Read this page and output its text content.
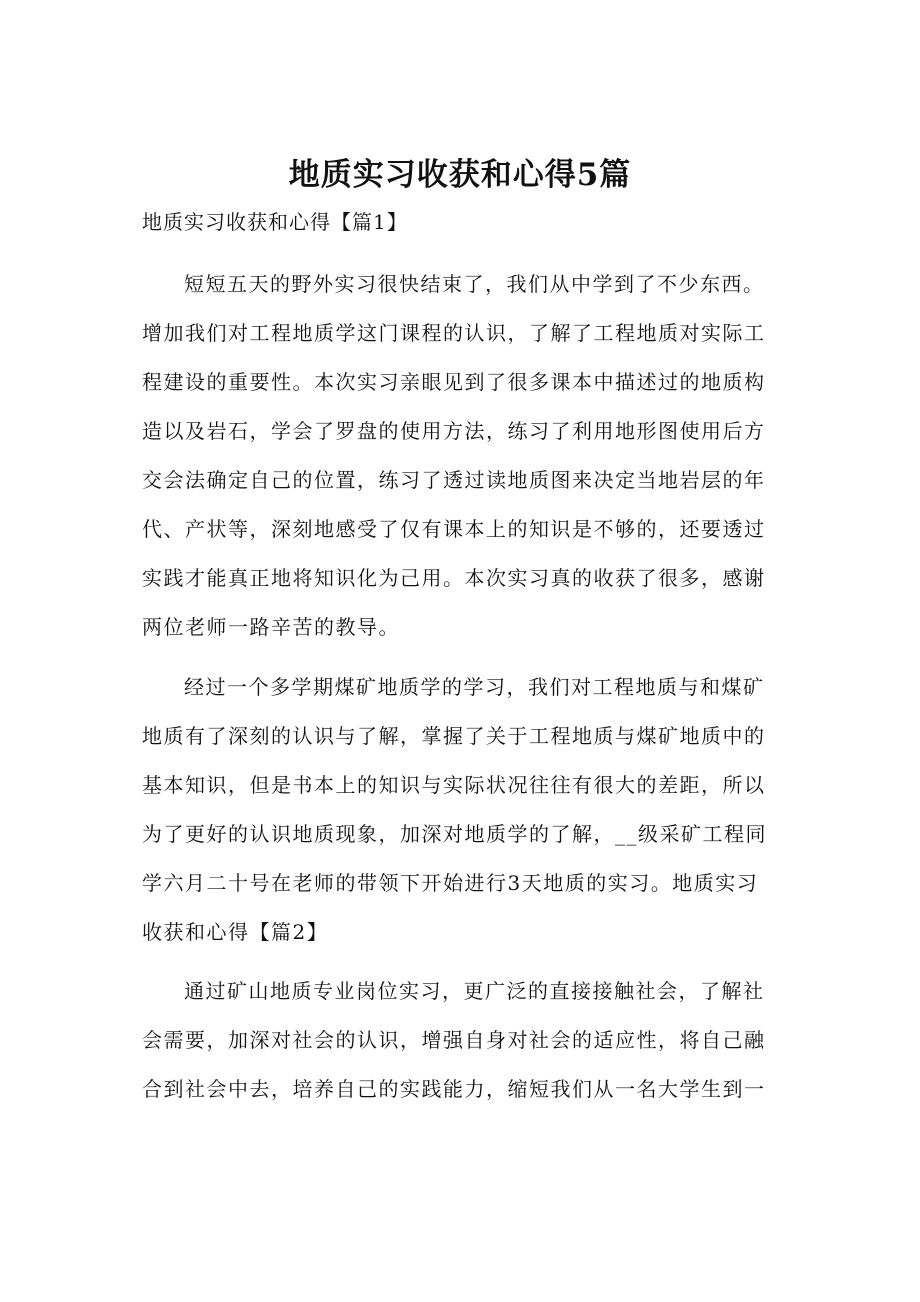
地质实习收获和心得5篇
地质实习收获和心得【篇1】
短短五天的野外实习很快结束了，我们从中学到了不少东西。
增加我们对工程地质学这门课程的认识，了解了工程地质对实际工
程建设的重要性。本次实习亲眼见到了很多课本中描述过的地质构
造以及岩石，学会了罗盘的使用方法，练习了利用地形图使用后方
交会法确定自己的位置，练习了透过读地质图来决定当地岩层的年
代、产状等，深刻地感受了仅有课本上的知识是不够的，还要透过
实践才能真正地将知识化为己用。本次实习真的收获了很多，感谢
两位老师一路辛苦的教导。
经过一个多学期煤矿地质学的学习，我们对工程地质与和煤矿
地质有了深刻的认识与了解，掌握了关于工程地质与煤矿地质中的
基本知识，但是书本上的知识与实际状况往往有很大的差距，所以
为了更好的认识地质现象，加深对地质学的了解，__级采矿工程同
学六月二十号在老师的带领下开始进行3天地质的实习。地质实习
收获和心得【篇2】
通过矿山地质专业岗位实习，更广泛的直接接触社会，了解社
会需要，加深对社会的认识，增强自身对社会的适应性，将自己融
合到社会中去，培养自己的实践能力，缩短我们从一名大学生到一
